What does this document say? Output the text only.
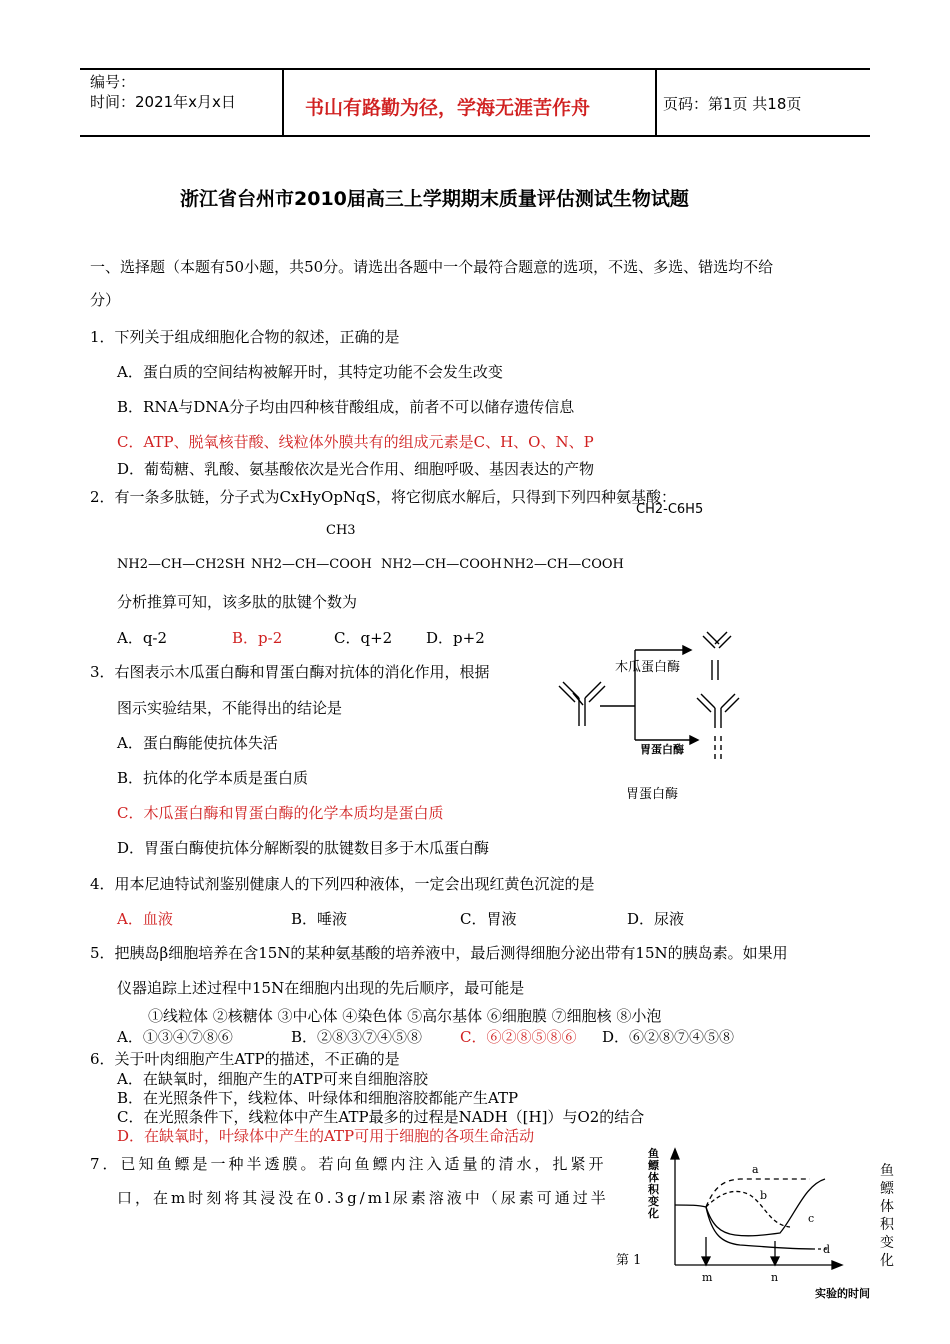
编号：
时间：2021年x月x日	书山有路勤为径，学海无涯苦作舟	页码：第1页 共18页
浙江省台州市2010届高三上学期期末质量评估测试生物试题
一、选择题（本题有50小题，共50分。请选出各题中一个最符合题意的选项，不选、多选、错选均不给
分）
1．下列关于组成细胞化合物的叙述，正确的是
A．蛋白质的空间结构被解开时，其特定功能不会发生改变
B．RNA与DNA分子均由四种核苷酸组成，前者不可以储存遗传信息
C．ATP、脱氧核苷酸、线粒体外膜共有的组成元素是C、H、O、N、P
D．葡萄糖、乳酸、氨基酸依次是光合作用、细胞呼吸、基因表达的产物
2．有一条多肽链，分子式为CxHyOpNqS，将它彻底水解后，只得到下列四种氨基酸：
CH2-C6H5
CH3
NH2—CH—CH2SH NH2—CH—COOH NH2—CH—COOH NH2—CH—COOH
分析推算可知，该多肽的肽键个数为
A．q-2	B．p-2	C．q+2 D．p+2
3．右图表示木瓜蛋白酶和胃蛋白酶对抗体的消化作用，根据
图示实验结果，不能得出的结论是
A．蛋白酶能使抗体失活
B．抗体的化学本质是蛋白质
C．木瓜蛋白酶和胃蛋白酶的化学本质均是蛋白质
D．胃蛋白酶使抗体分解断裂的肽键数目多于木瓜蛋白酶
木瓜蛋白酶
胃蛋白酶
胃蛋白酶
4．用本尼迪特试剂鉴别健康人的下列四种液体，一定会出现红黄色沉淀的是
A．血液	B．唾液	C．胃液	D．尿液
5．把胰岛β细胞培养在含15N的某种氨基酸的培养液中，最后测得细胞分泌出带有15N的胰岛素。如果用
仪器追踪上述过程中15N在细胞内出现的先后顺序，最可能是
①线粒体 ②核糖体 ③中心体 ④染色体 ⑤高尔基体 ⑥细胞膜 ⑦细胞核 ⑧小泡
A．①③④⑦⑧⑥	B．②⑧③⑦④⑤⑧	C．⑥②⑧⑤⑧⑥ D．⑥②⑧⑦④⑤⑧
6．关于叶肉细胞产生ATP的描述，不正确的是
A．在缺氧时，细胞产生的ATP可来自细胞溶胶
B．在光照条件下，线粒体、叶绿体和细胞溶胶都能产生ATP
C．在光照条件下，线粒体中产生ATP最多的过程是NADH（[H]）与O2的结合
D．在缺氧时，叶绿体中产生的ATP可用于细胞的各项生命活动
7．已知鱼鳔是一种半透膜。若向鱼鳔内注入适量的清水，扎紧开
口，在m时刻将其浸没在0.3g/ml尿素溶液中（尿素可通过半
鱼鳔体积变化
鱼鳔体积变化
a
b
c
d
m	n
实验的时间
第 1
